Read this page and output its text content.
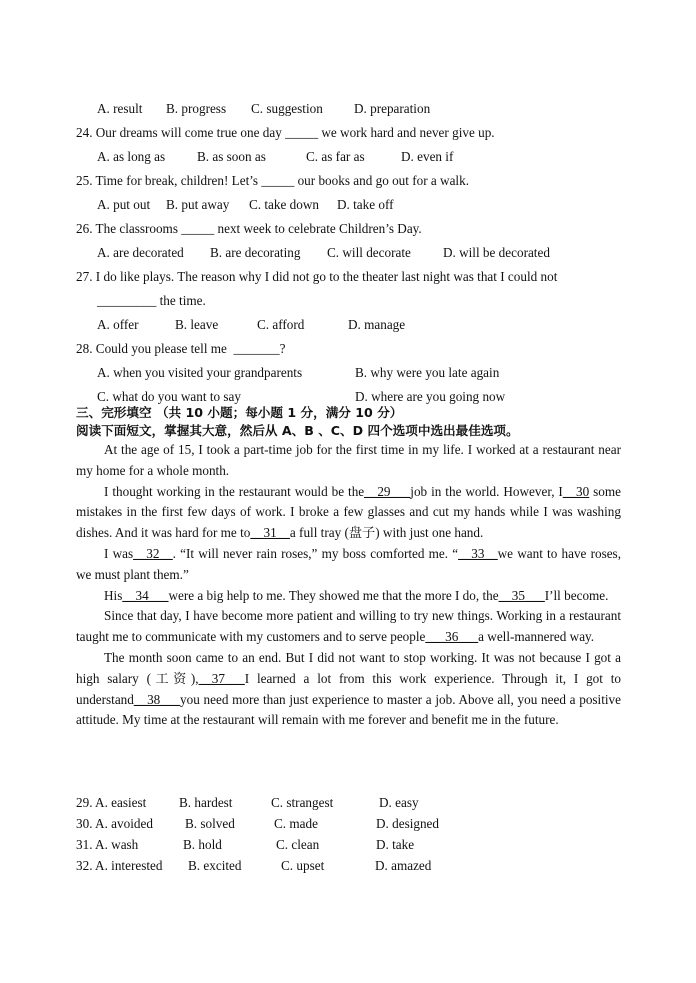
A. result B. progress C. suggestion D. preparation
24. Our dreams will come true one day _____ we work hard and never give up.
A. as long as B. as soon as	C. as far as	D. even if
25. Time for break, children! Let’s _____ our books and go out for a walk.
A. put out B. put away C. take down D. take off
26. The classrooms _____ next week to celebrate Children’s Day.
A. are decorated B. are decorating C. will decorate D. will be decorated
27. I do like plays. The reason why I did not go to the theater last night was that I could not
_________ the time.
A. offer	B. leave	C. afford	D. manage
28. Could you please tell me  _______?
A. when you visited your grandparents	B. why were you late again
C. what do you want to say	D. where are you going now
三、完形填空 （共 10 小题；每小题 1 分，满分 10 分）
阅读下面短文，掌握其大意，然后从 A、B 、C、D 四个选项中选出最佳选项。

At the age of 15, I took a part-time job for the first time in my life. I worked at a restaurant near my home for a whole month.

I thought working in the restaurant would be the__29___job in the world. However, I__30 some mistakes in the first few days of work. I broke a few glasses and cut my hands while I was washing dishes. And it was hard for me to__31__a full tray (盘子) with just one hand.

I was__32__. “It will never rain roses,” my boss comforted me. “__33__we want to have roses, we must plant them.”

His__34___were a big help to me. They showed me that the more I do, the__35___I’ll become.

Since that day, I have become more patient and willing to try new things. Working in a restaurant taught me to communicate with my customers and to serve people___36___a well-mannered way.

The month soon came to an end. But I did not want to stop working. It was not because I got a high salary (工资),__37___I learned a lot from this work experience. Through it, I got to understand__38___you need more than just experience to master a job. Above all, you need a positive attitude. My time at the restaurant will remain with me forever and benefit me in the future.

29. A. easiest B. hardest	C. strangest	D. easy
30. A. avoided B. solved	C. made	D. designed
31. A. wash	B. hold	C. clean	D. take
32. A. interested B. excited	C. upset	D. amazed
